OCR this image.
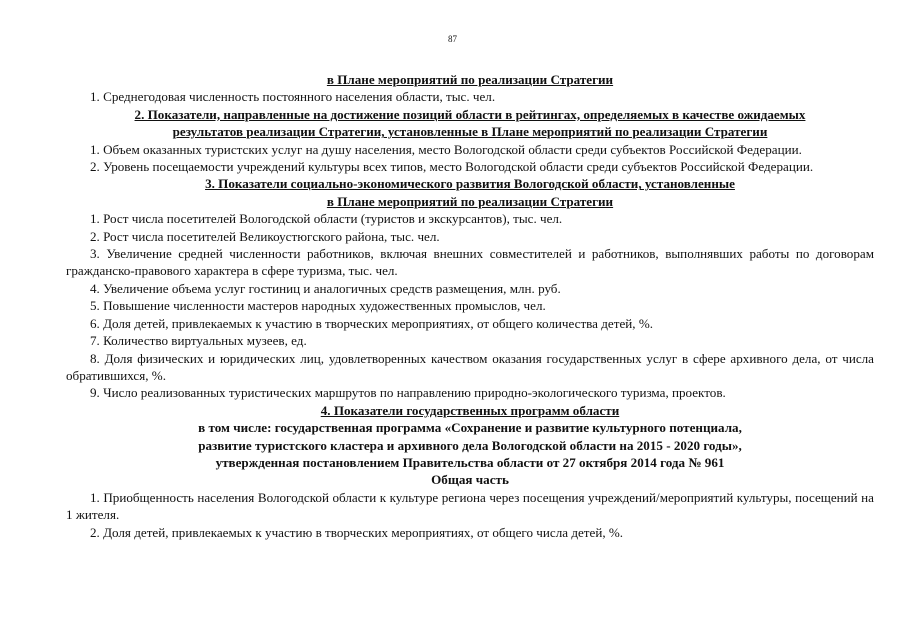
87
в Плане мероприятий по реализации Стратегии
1. Среднегодовая численность постоянного населения области, тыс. чел.
2. Показатели, направленные на достижение позиций области в рейтингах, определяемых в качестве ожидаемых
результатов реализации Стратегии, установленные в Плане мероприятий по реализации Стратегии
1. Объем оказанных туристских услуг на душу населения, место Вологодской области среди субъектов Российской Федерации.
2. Уровень посещаемости учреждений культуры всех типов, место Вологодской области среди субъектов Российской Федерации.
3. Показатели социально-экономического развития Вологодской области, установленные
в Плане мероприятий по реализации Стратегии
1. Рост числа посетителей Вологодской области (туристов и экскурсантов), тыс. чел.
2. Рост числа посетителей Великоустюгского района, тыс. чел.
3. Увеличение средней численности работников, включая внешних совместителей и работников, выполнявших работы по договорам гражданско-правового характера в сфере туризма, тыс. чел.
4. Увеличение объема услуг гостиниц и аналогичных средств размещения, млн. руб.
5. Повышение численности мастеров народных художественных промыслов, чел.
6. Доля детей, привлекаемых к участию в творческих мероприятиях, от общего количества детей, %.
7. Количество виртуальных музеев, ед.
8. Доля физических и юридических лиц, удовлетворенных качеством оказания государственных услуг в сфере архивного дела, от числа обратившихся, %.
9. Число реализованных туристических маршрутов по направлению природно-экологического туризма, проектов.
4. Показатели государственных программ области
в том числе: государственная программа «Сохранение и развитие культурного потенциала,
развитие туристского кластера и архивного дела Вологодской области на 2015 - 2020 годы»,
утвержденная постановлением Правительства области от 27 октября 2014 года № 961
Общая часть
1. Приобщенность населения Вологодской области к культуре региона через посещения учреждений/мероприятий культуры, посещений на 1 жителя.
2. Доля детей, привлекаемых к участию в творческих мероприятиях, от общего числа детей, %.
